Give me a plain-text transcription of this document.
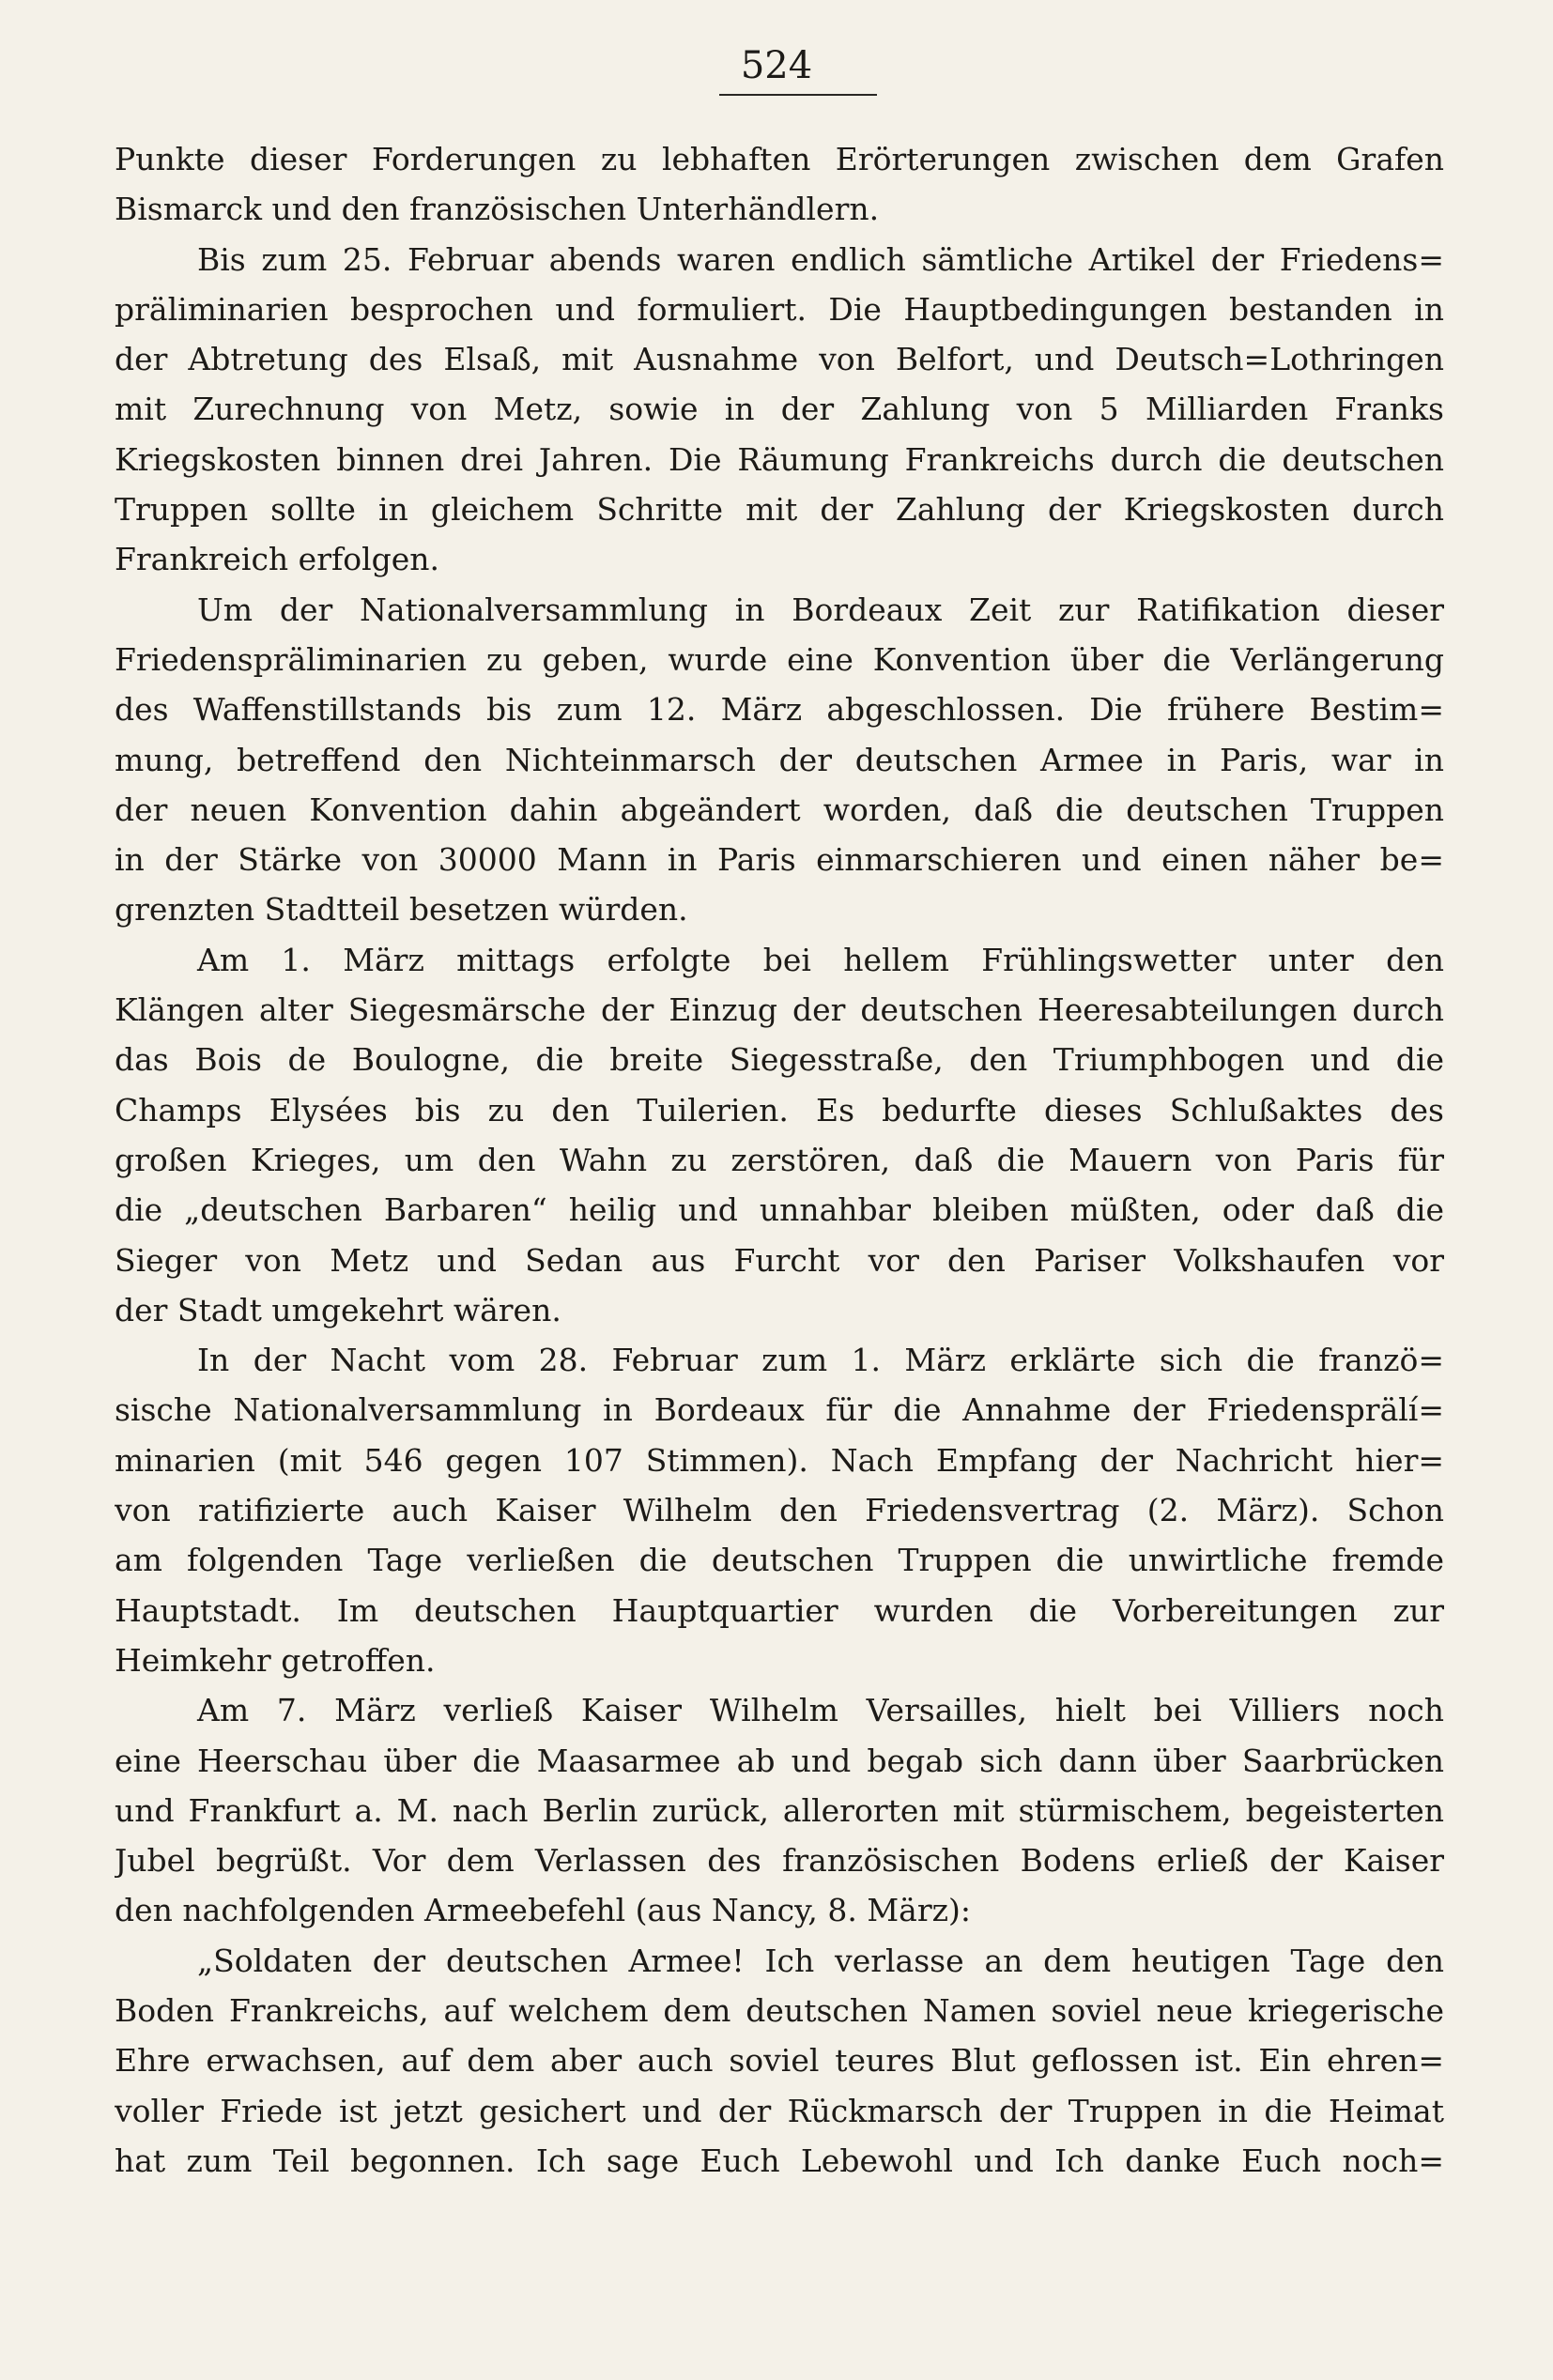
524
Punkte dieser Forderungen zu lebhaften Erörterungen zwischen dem Grafen
Bismarck und den französischen Unterhändlern.
Bis zum 25. Februar abends waren endlich sämtliche Artikel der Friedens=
präliminarien besprochen und formuliert. Die Hauptbedingungen bestanden in
der Abtretung des Elsaß, mit Ausnahme von Belfort, und Deutsch=Lothringen
mit Zurechnung von Metz, sowie in der Zahlung von 5 Milliarden Franks
Kriegskosten binnen drei Jahren. Die Räumung Frankreichs durch die deutschen
Truppen sollte in gleichem Schritte mit der Zahlung der Kriegskosten durch
Frankreich erfolgen.
Um der Nationalversammlung in Bordeaux Zeit zur Ratifikation dieser
Friedenspräliminarien zu geben, wurde eine Konvention über die Verlängerung
des Waffenstillstands bis zum 12. März abgeschlossen. Die frühere Bestim=
mung, betreffend den Nichteinmarsch der deutschen Armee in Paris, war in
der neuen Konvention dahin abgeändert worden, daß die deutschen Truppen
in der Stärke von 30000 Mann in Paris einmarschieren und einen näher be=
grenzten Stadtteil besetzen würden.
Am 1. März mittags erfolgte bei hellem Frühlingswetter unter den
Klängen alter Siegesmärsche der Einzug der deutschen Heeresabteilungen durch
das Bois de Boulogne, die breite Siegesstraße, den Triumphbogen und die
Champs Elysées bis zu den Tuilerien. Es bedurfte dieses Schlußaktes des
großen Krieges, um den Wahn zu zerstören, daß die Mauern von Paris für
die „deutschen Barbaren“ heilig und unnahbar bleiben müßten, oder daß die
Sieger von Metz und Sedan aus Furcht vor den Pariser Volkshaufen vor
der Stadt umgekehrt wären.
In der Nacht vom 28. Februar zum 1. März erklärte sich die franzö=
sische Nationalversammlung in Bordeaux für die Annahme der Friedensprälí=
minarien (mit 546 gegen 107 Stimmen). Nach Empfang der Nachricht hier=
von ratifizierte auch Kaiser Wilhelm den Friedensvertrag (2. März). Schon
am folgenden Tage verließen die deutschen Truppen die unwirtliche fremde
Hauptstadt. Im deutschen Hauptquartier wurden die Vorbereitungen zur
Heimkehr getroffen.
Am 7. März verließ Kaiser Wilhelm Versailles, hielt bei Villiers noch
eine Heerschau über die Maasarmee ab und begab sich dann über Saarbrücken
und Frankfurt a. M. nach Berlin zurück, allerorten mit stürmischem, begeisterten
Jubel begrüßt. Vor dem Verlassen des französischen Bodens erließ der Kaiser
den nachfolgenden Armeebefehl (aus Nancy, 8. März):
„Soldaten der deutschen Armee! Ich verlasse an dem heutigen Tage den
Boden Frankreichs, auf welchem dem deutschen Namen soviel neue kriegerische
Ehre erwachsen, auf dem aber auch soviel teures Blut geflossen ist. Ein ehren=
voller Friede ist jetzt gesichert und der Rückmarsch der Truppen in die Heimat
hat zum Teil begonnen. Ich sage Euch Lebewohl und Ich danke Euch noch=
